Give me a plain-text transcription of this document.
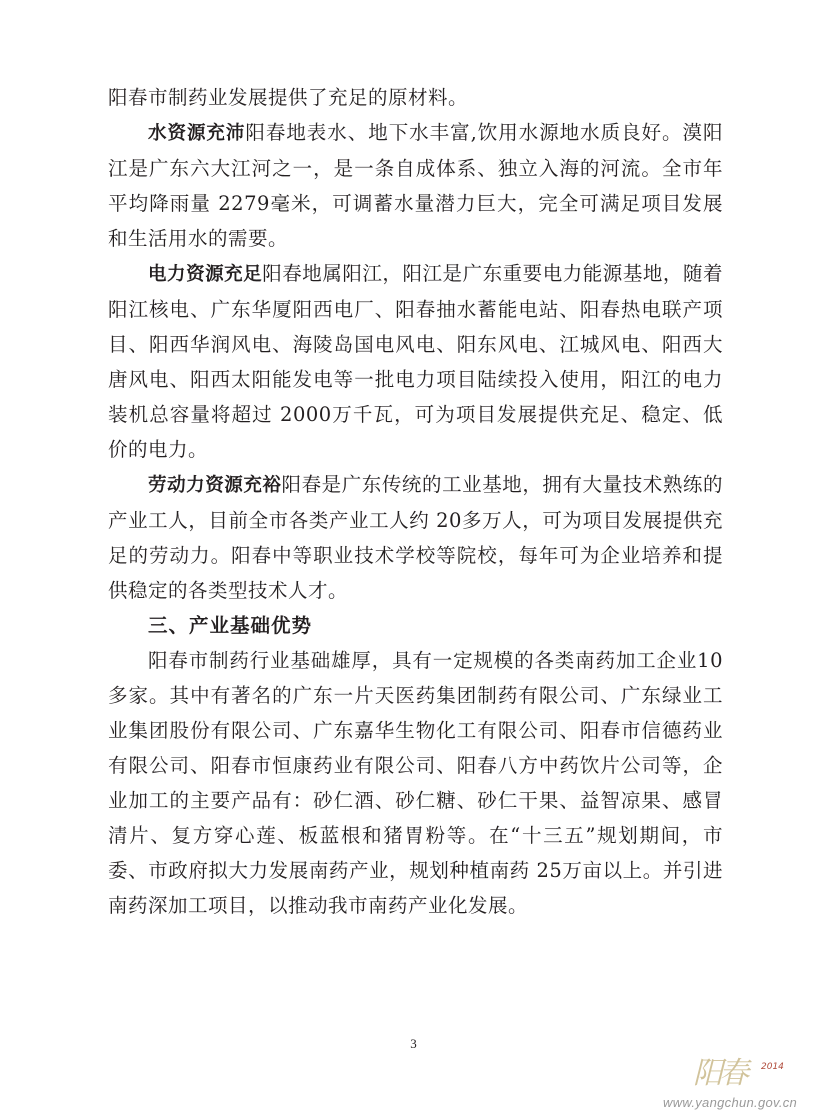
阳春市制药业发展提供了充足的原材料。

水资源充沛阳春地表水、地下水丰富,饮用水源地水质良好。漠阳江是广东六大江河之一，是一条自成体系、独立入海的河流。全市年平均降雨量 2279毫米，可调蓄水量潜力巨大，完全可满足项目发展和生活用水的需要。

电力资源充足阳春地属阳江，阳江是广东重要电力能源基地，随着阳江核电、广东华厦阳西电厂、阳春抽水蓄能电站、阳春热电联产项目、阳西华润风电、海陵岛国电风电、阳东风电、江城风电、阳西大唐风电、阳西太阳能发电等一批电力项目陆续投入使用，阳江的电力装机总容量将超过 2000万千瓦，可为项目发展提供充足、稳定、低价的电力。

劳动力资源充裕阳春是广东传统的工业基地，拥有大量技术熟练的产业工人，目前全市各类产业工人约 20多万人，可为项目发展提供充足的劳动力。阳春中等职业技术学校等院校，每年可为企业培养和提供稳定的各类型技术人才。

三、产业基础优势

阳春市制药行业基础雄厚，具有一定规模的各类南药加工企业10多家。其中有著名的广东一片天医药集团制药有限公司、广东绿业工业集团股份有限公司、广东嘉华生物化工有限公司、阳春市信德药业有限公司、阳春市恒康药业有限公司、阳春八方中药饮片公司等，企业加工的主要产品有：砂仁酒、砂仁糖、砂仁干果、益智凉果、感冒清片、复方穿心莲、板蓝根和猪胃粉等。在“十三五”规划期间，市委、市政府拟大力发展南药产业，规划种植南药 25万亩以上。并引进南药深加工项目，以推动我市南药产业化发展。

3
阳春 2014
www.yangchun.gov.cn
